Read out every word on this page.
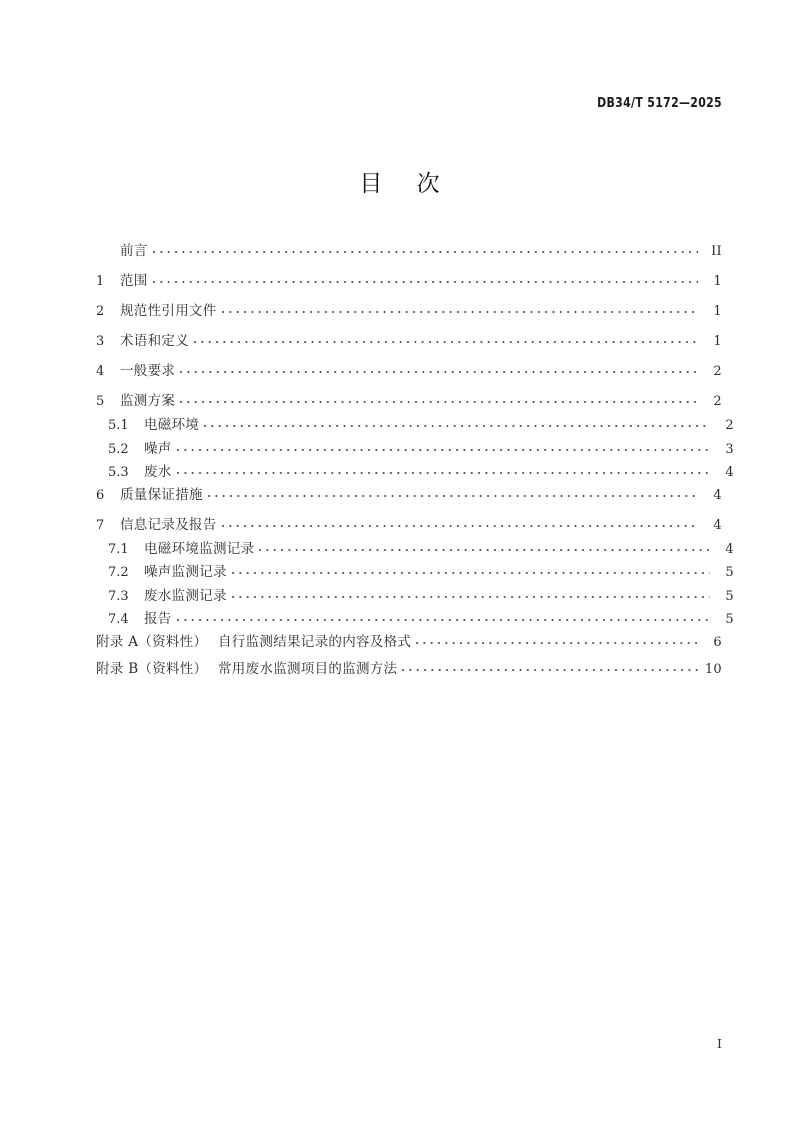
DB34/T 5172—2025
目    次
前言	II
1	范围	1
2	规范性引用文件	1
3	术语和定义	1
4	一般要求	2
5	监测方案	2
5.1	电磁环境	2
5.2	噪声	3
5.3	废水	4
6	质量保证措施	4
7	信息记录及报告	4
7.1	电磁环境监测记录	4
7.2	噪声监测记录	5
7.3	废水监测记录	5
7.4	报告	5
附录 A（资料性） 自行监测结果记录的内容及格式	6
附录 B（资料性） 常用废水监测项目的监测方法	10
I
